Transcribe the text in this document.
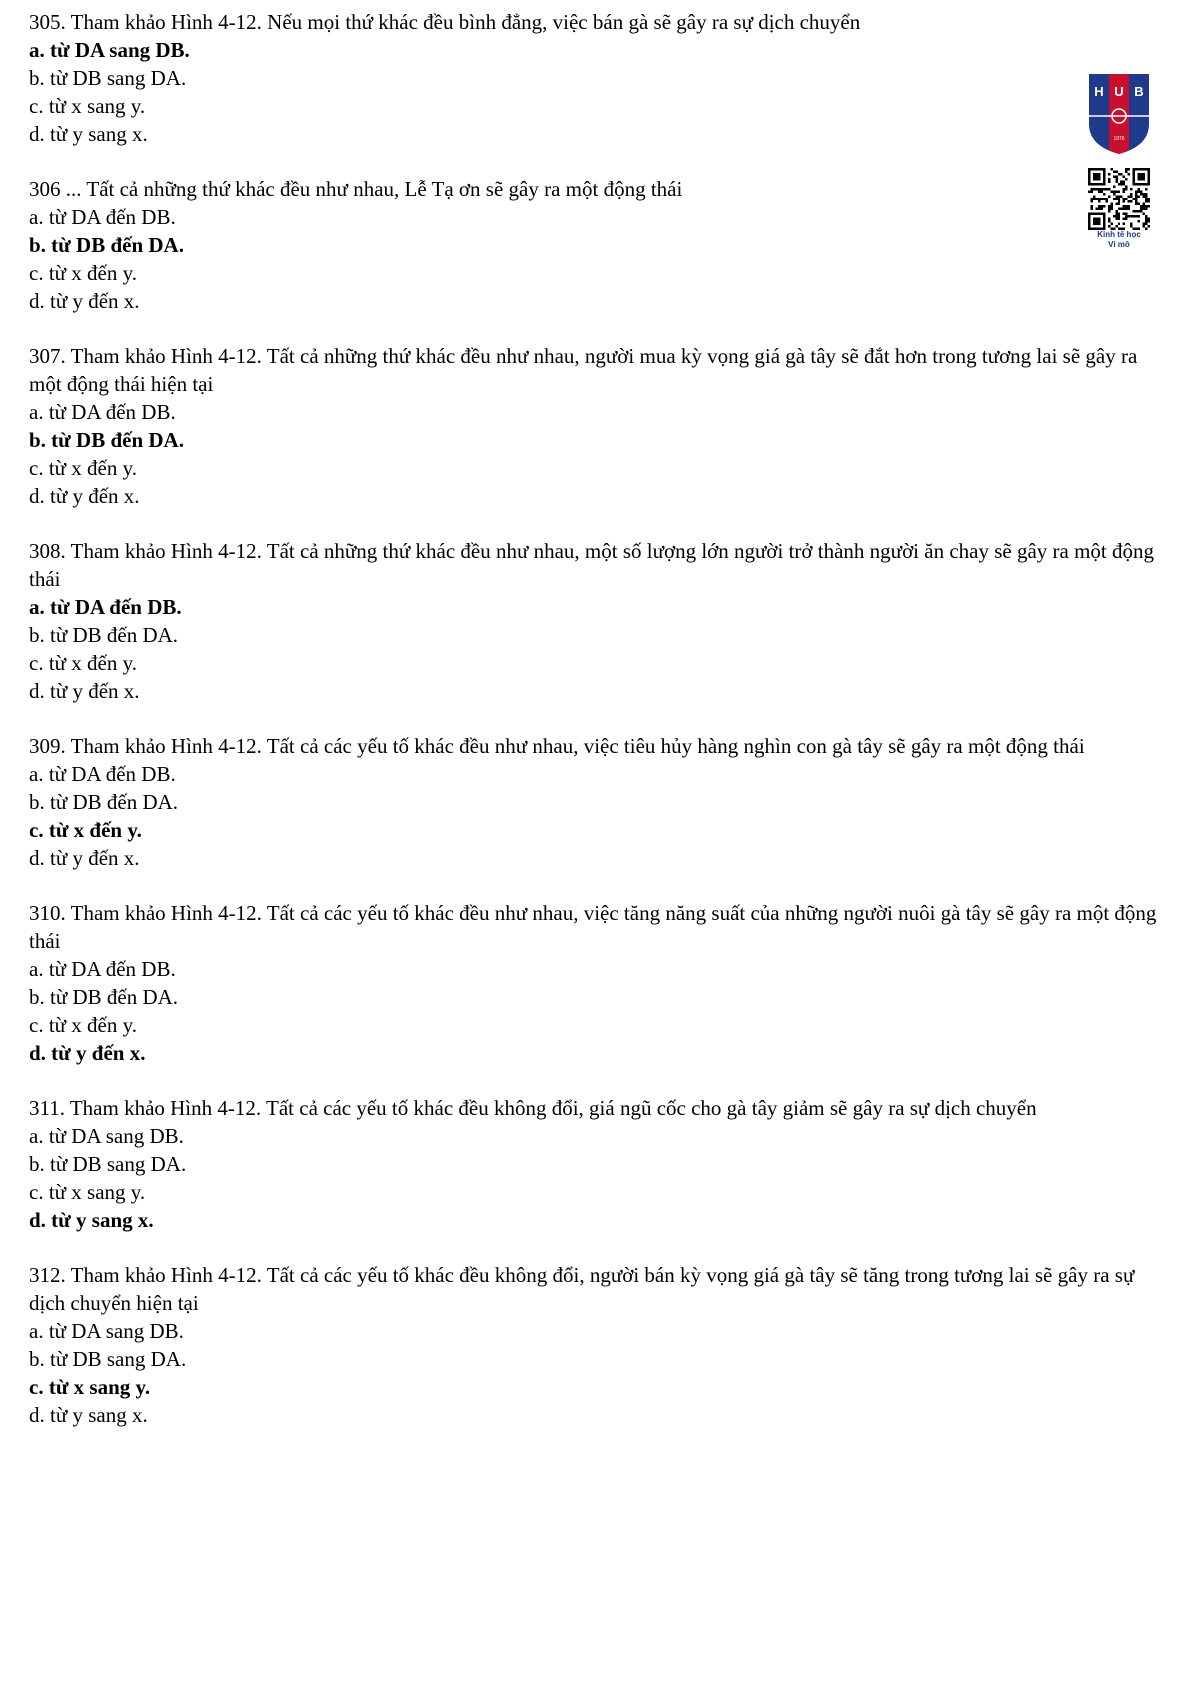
305. Tham khảo Hình 4-12. Nếu mọi thứ khác đều bình đẳng, việc bán gà sẽ gây ra sự dịch chuyển

a. từ DA sang DB.

b. từ DB sang DA.

c. từ x sang y.

d. từ y sang x.

306 ... Tất cả những thứ khác đều như nhau, Lễ Tạ ơn sẽ gây ra một động thái

a. từ DA đến DB.

b. từ DB đến DA.

c. từ x đến y.

d. từ y đến x.

307. Tham khảo Hình 4-12. Tất cả những thứ khác đều như nhau, người mua kỳ vọng giá gà tây sẽ đắt hơn trong tương lai sẽ gây ra một động thái hiện tại

a. từ DA đến DB.

b. từ DB đến DA.

c. từ x đến y.

d. từ y đến x.

308. Tham khảo Hình 4-12. Tất cả những thứ khác đều như nhau, một số lượng lớn người trở thành người ăn chay sẽ gây ra một động thái

a. từ DA đến DB.

b. từ DB đến DA.

c. từ x đến y.

d. từ y đến x.

309. Tham khảo Hình 4-12. Tất cả các yếu tố khác đều như nhau, việc tiêu hủy hàng nghìn con gà tây sẽ gây ra một động thái

a. từ DA đến DB.

b. từ DB đến DA.

c. từ x đến y.

d. từ y đến x.

310. Tham khảo Hình 4-12. Tất cả các yếu tố khác đều như nhau, việc tăng năng suất của những người nuôi gà tây sẽ gây ra một động thái

a. từ DA đến DB.

b. từ DB đến DA.

c. từ x đến y.

d. từ y đến x.

311. Tham khảo Hình 4-12. Tất cả các yếu tố khác đều không đổi, giá ngũ cốc cho gà tây giảm sẽ gây ra sự dịch chuyển

a. từ DA sang DB.

b. từ DB sang DA.

c. từ x sang y.

d. từ y sang x.

312. Tham khảo Hình 4-12. Tất cả các yếu tố khác đều không đổi, người bán kỳ vọng giá gà tây sẽ tăng trong tương lai sẽ gây ra sự dịch chuyển hiện tại

a. từ DA sang DB.

b. từ DB sang DA.

c. từ x sang y.

d. từ y sang x.

H U B
1976
Kinh tế học
Vi mô
